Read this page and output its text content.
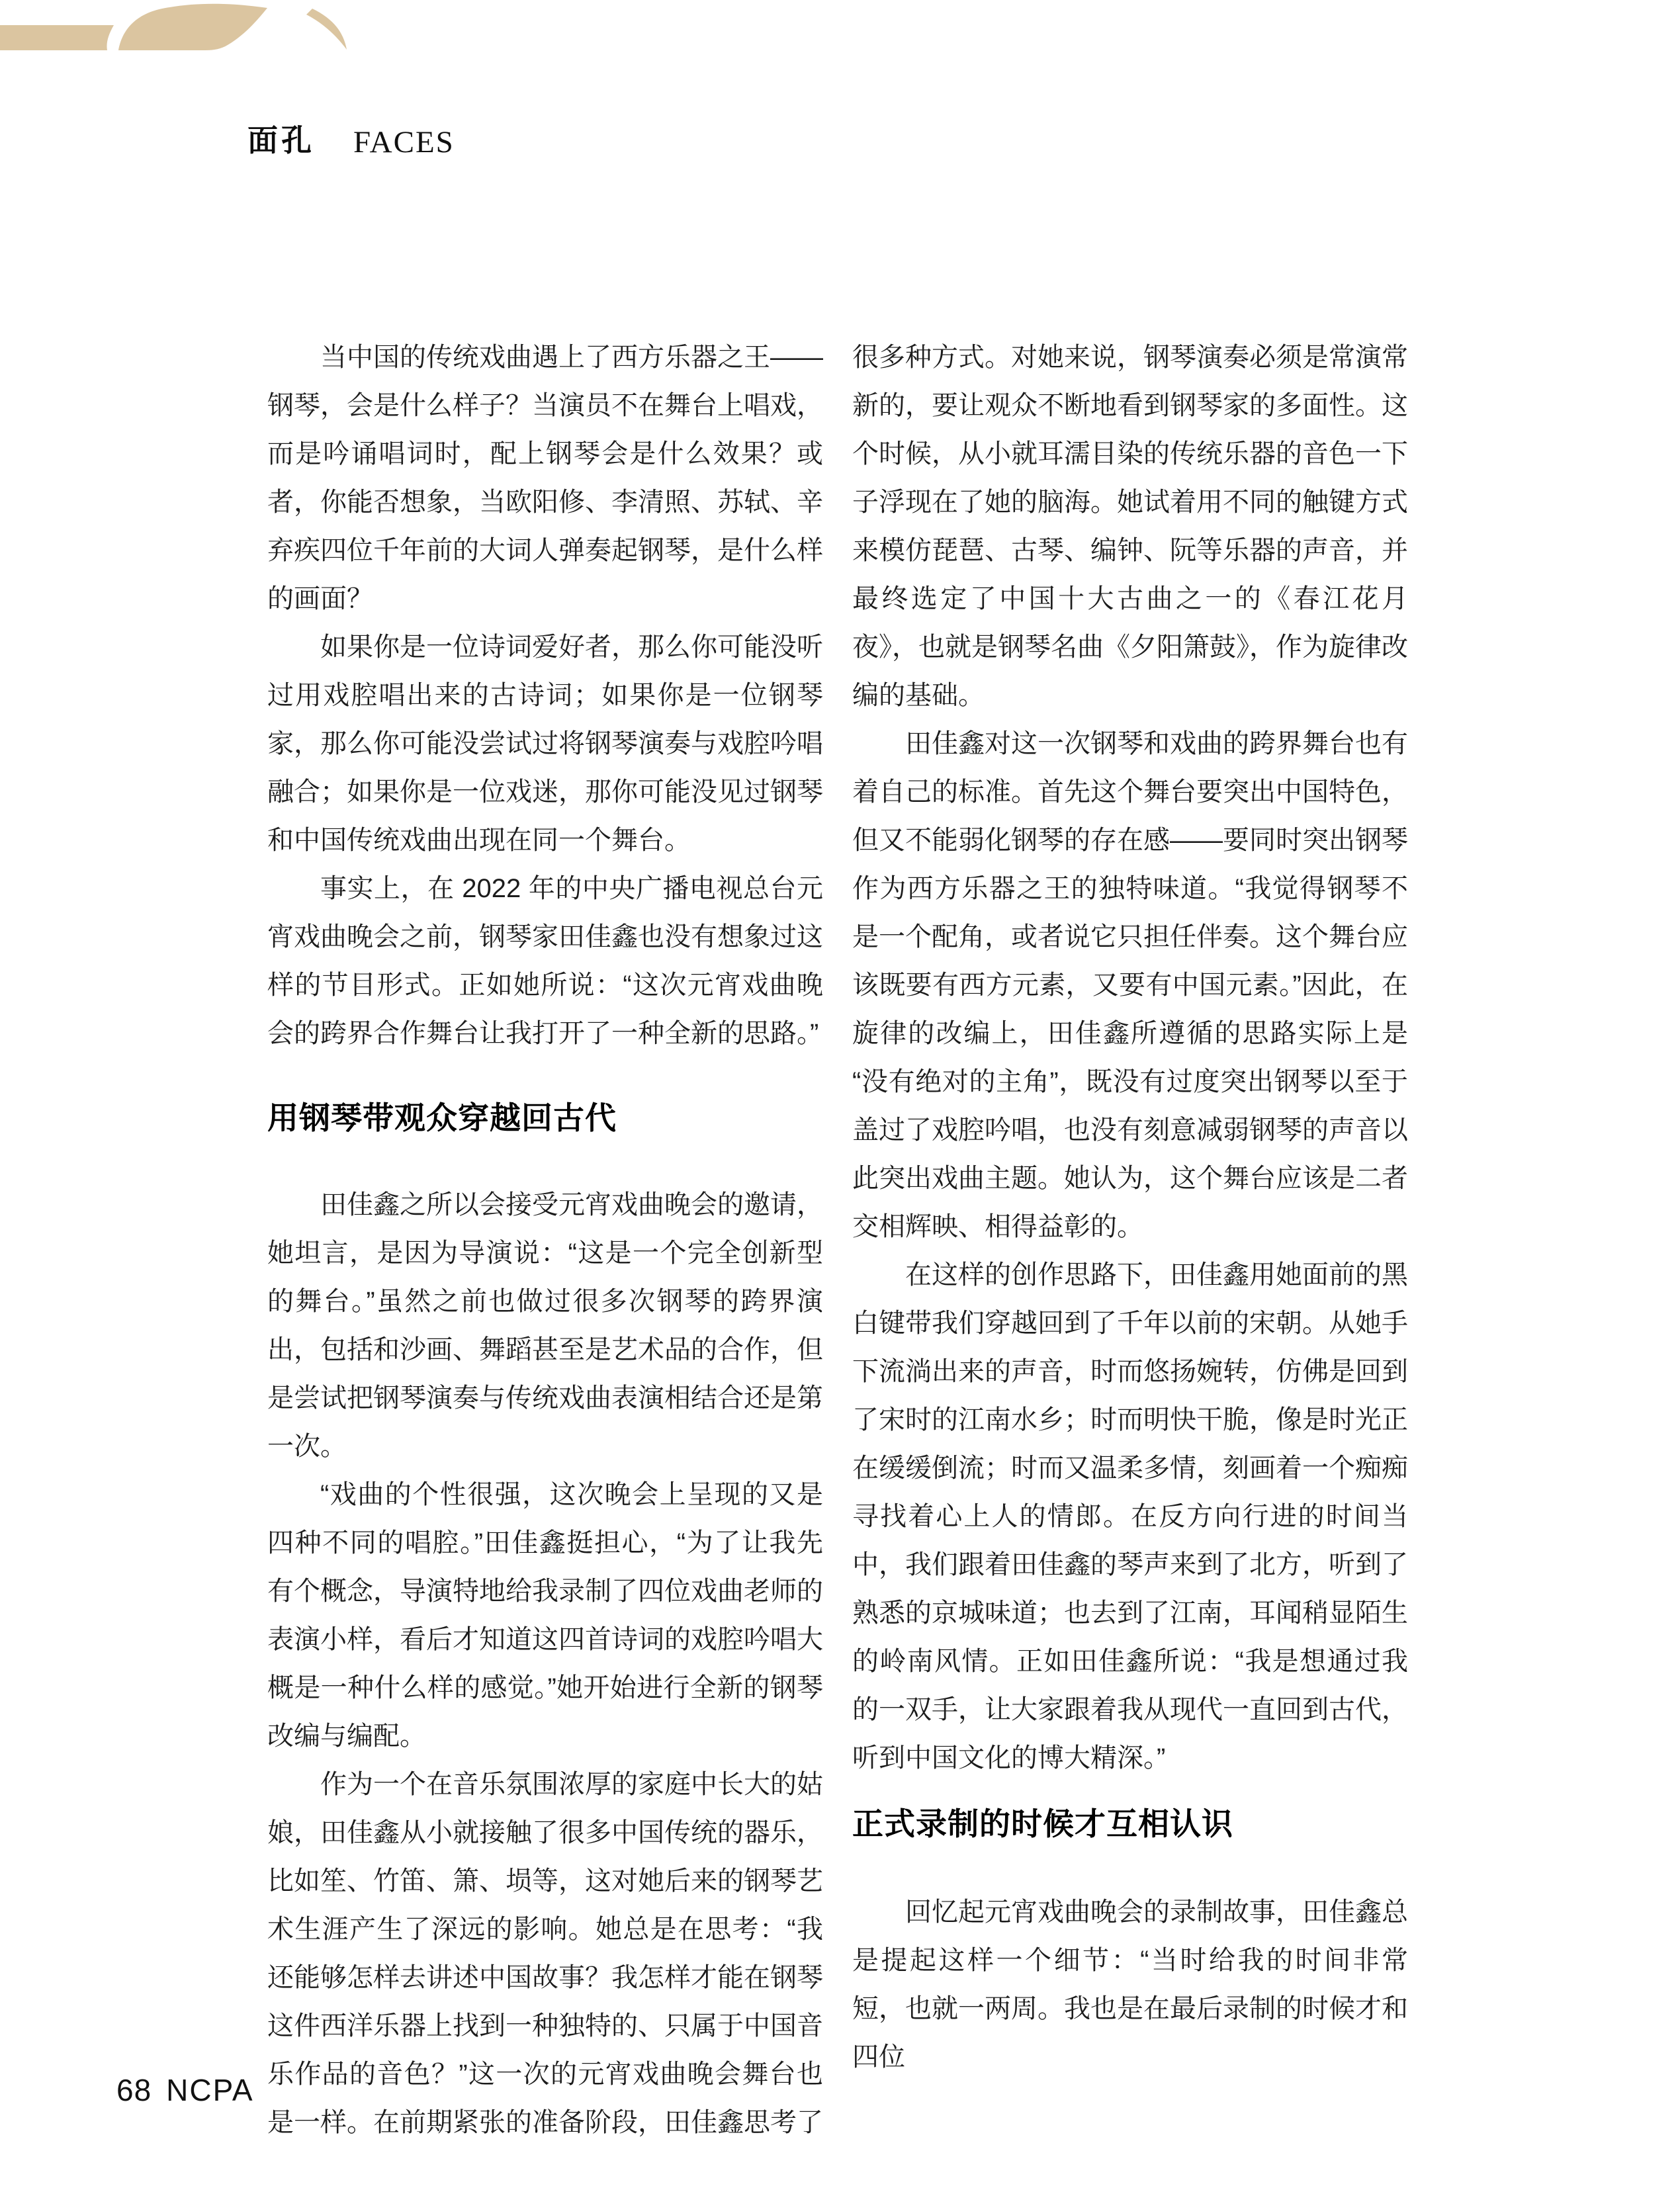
面孔 FACES

当中国的传统戏曲遇上了西方乐器之王——钢琴，会是什么样子？当演员不在舞台上唱戏，而是吟诵唱词时，配上钢琴会是什么效果？或者，你能否想象，当欧阳修、李清照、苏轼、辛弃疾四位千年前的大词人弹奏起钢琴，是什么样的画面？

如果你是一位诗词爱好者，那么你可能没听过用戏腔唱出来的古诗词；如果你是一位钢琴家，那么你可能没尝试过将钢琴演奏与戏腔吟唱融合；如果你是一位戏迷，那你可能没见过钢琴和中国传统戏曲出现在同一个舞台。

事实上，在 2022 年的中央广播电视总台元宵戏曲晚会之前，钢琴家田佳鑫也没有想象过这样的节目形式。正如她所说：“这次元宵戏曲晚会的跨界合作舞台让我打开了一种全新的思路。”

用钢琴带观众穿越回古代

田佳鑫之所以会接受元宵戏曲晚会的邀请，她坦言，是因为导演说：“这是一个完全创新型的舞台。”虽然之前也做过很多次钢琴的跨界演出，包括和沙画、舞蹈甚至是艺术品的合作，但是尝试把钢琴演奏与传统戏曲表演相结合还是第一次。

“戏曲的个性很强，这次晚会上呈现的又是四种不同的唱腔。”田佳鑫挺担心，“为了让我先有个概念，导演特地给我录制了四位戏曲老师的表演小样，看后才知道这四首诗词的戏腔吟唱大概是一种什么样的感觉。”她开始进行全新的钢琴改编与编配。

作为一个在音乐氛围浓厚的家庭中长大的姑娘，田佳鑫从小就接触了很多中国传统的器乐，比如笙、竹笛、箫、埙等，这对她后来的钢琴艺术生涯产生了深远的影响。她总是在思考：“我还能够怎样去讲述中国故事？我怎样才能在钢琴这件西洋乐器上找到一种独特的、只属于中国音乐作品的音色？”这一次的元宵戏曲晚会舞台也是一样。在前期紧张的准备阶段，田佳鑫思考了

很多种方式。对她来说，钢琴演奏必须是常演常新的，要让观众不断地看到钢琴家的多面性。这个时候，从小就耳濡目染的传统乐器的音色一下子浮现在了她的脑海。她试着用不同的触键方式来模仿琵琶、古琴、编钟、阮等乐器的声音，并最终选定了中国十大古曲之一的《春江花月夜》，也就是钢琴名曲《夕阳箫鼓》，作为旋律改编的基础。

田佳鑫对这一次钢琴和戏曲的跨界舞台也有着自己的标准。首先这个舞台要突出中国特色，但又不能弱化钢琴的存在感——要同时突出钢琴作为西方乐器之王的独特味道。“我觉得钢琴不是一个配角，或者说它只担任伴奏。这个舞台应该既要有西方元素，又要有中国元素。”因此，在旋律的改编上，田佳鑫所遵循的思路实际上是“没有绝对的主角”，既没有过度突出钢琴以至于盖过了戏腔吟唱，也没有刻意减弱钢琴的声音以此突出戏曲主题。她认为，这个舞台应该是二者交相辉映、相得益彰的。

在这样的创作思路下，田佳鑫用她面前的黑白键带我们穿越回到了千年以前的宋朝。从她手下流淌出来的声音，时而悠扬婉转，仿佛是回到了宋时的江南水乡；时而明快干脆，像是时光正在缓缓倒流；时而又温柔多情，刻画着一个痴痴寻找着心上人的情郎。在反方向行进的时间当中，我们跟着田佳鑫的琴声来到了北方，听到了熟悉的京城味道；也去到了江南，耳闻稍显陌生的岭南风情。正如田佳鑫所说：“我是想通过我的一双手，让大家跟着我从现代一直回到古代，听到中国文化的博大精深。”

正式录制的时候才互相认识

回忆起元宵戏曲晚会的录制故事，田佳鑫总是提起这样一个细节：“当时给我的时间非常短，也就一两周。我也是在最后录制的时候才和四位

68 NCPA
